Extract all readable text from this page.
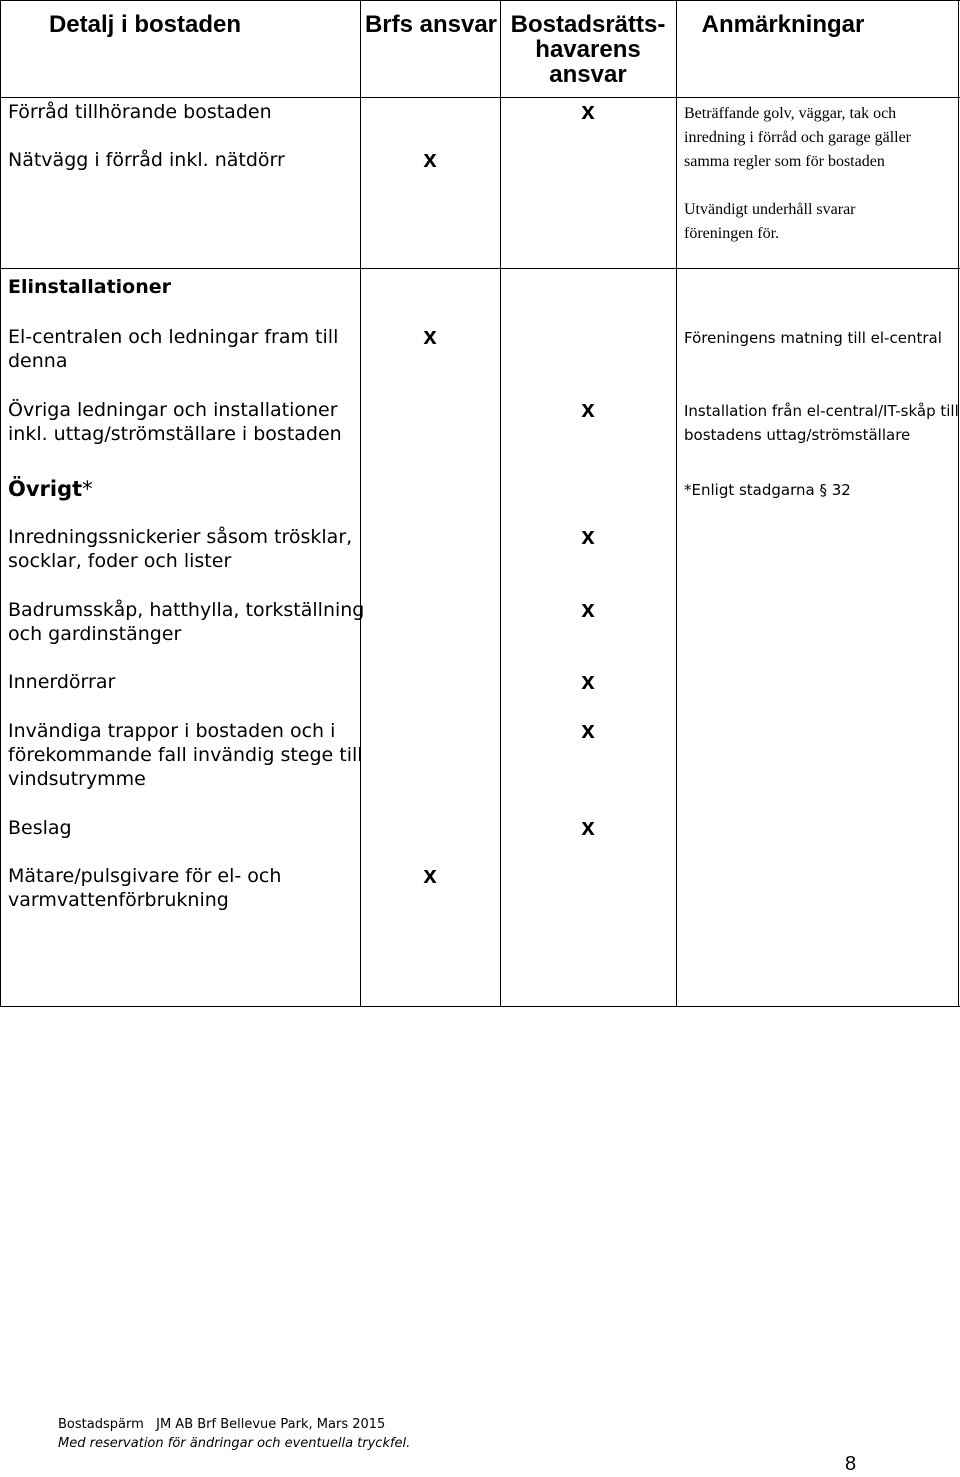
Detalj i bostaden	Brfs ansvar Bostadsrätts-
havarens
ansvar
Anmärkningar
Förråd tillhörande bostaden
Nätvägg i förråd inkl. nätdörr
Elinstallationer
El-centralen och ledningar fram till
denna
Övriga ledningar och installationer
inkl. uttag/strömställare i bostaden
Övrigt*
Inredningssnickerier såsom trösklar,
socklar, foder och lister
Badrumsskåp, hatthylla, torkställning
och gardinstänger
Innerdörrar
Invändiga trappor i bostaden och i
förekommande fall invändig stege till
vindsutrymme
Beslag
Mätare/pulsgivare för el- och
varmvattenförbrukning
x
x
x
x
x
x
x
x
x
x
Beträffande golv, väggar, tak och
inredning i förråd och garage gäller
samma regler som för bostaden
Utvändigt underhåll svarar
föreningen för.
Föreningens matning till el-central
Installation från el-central/IT-skåp till
bostadens uttag/strömställare
*Enligt stadgarna § 32
Bostadspärm   JM AB Brf Bellevue Park, Mars 2015
Med reservation för ändringar och eventuella tryckfel.
8
